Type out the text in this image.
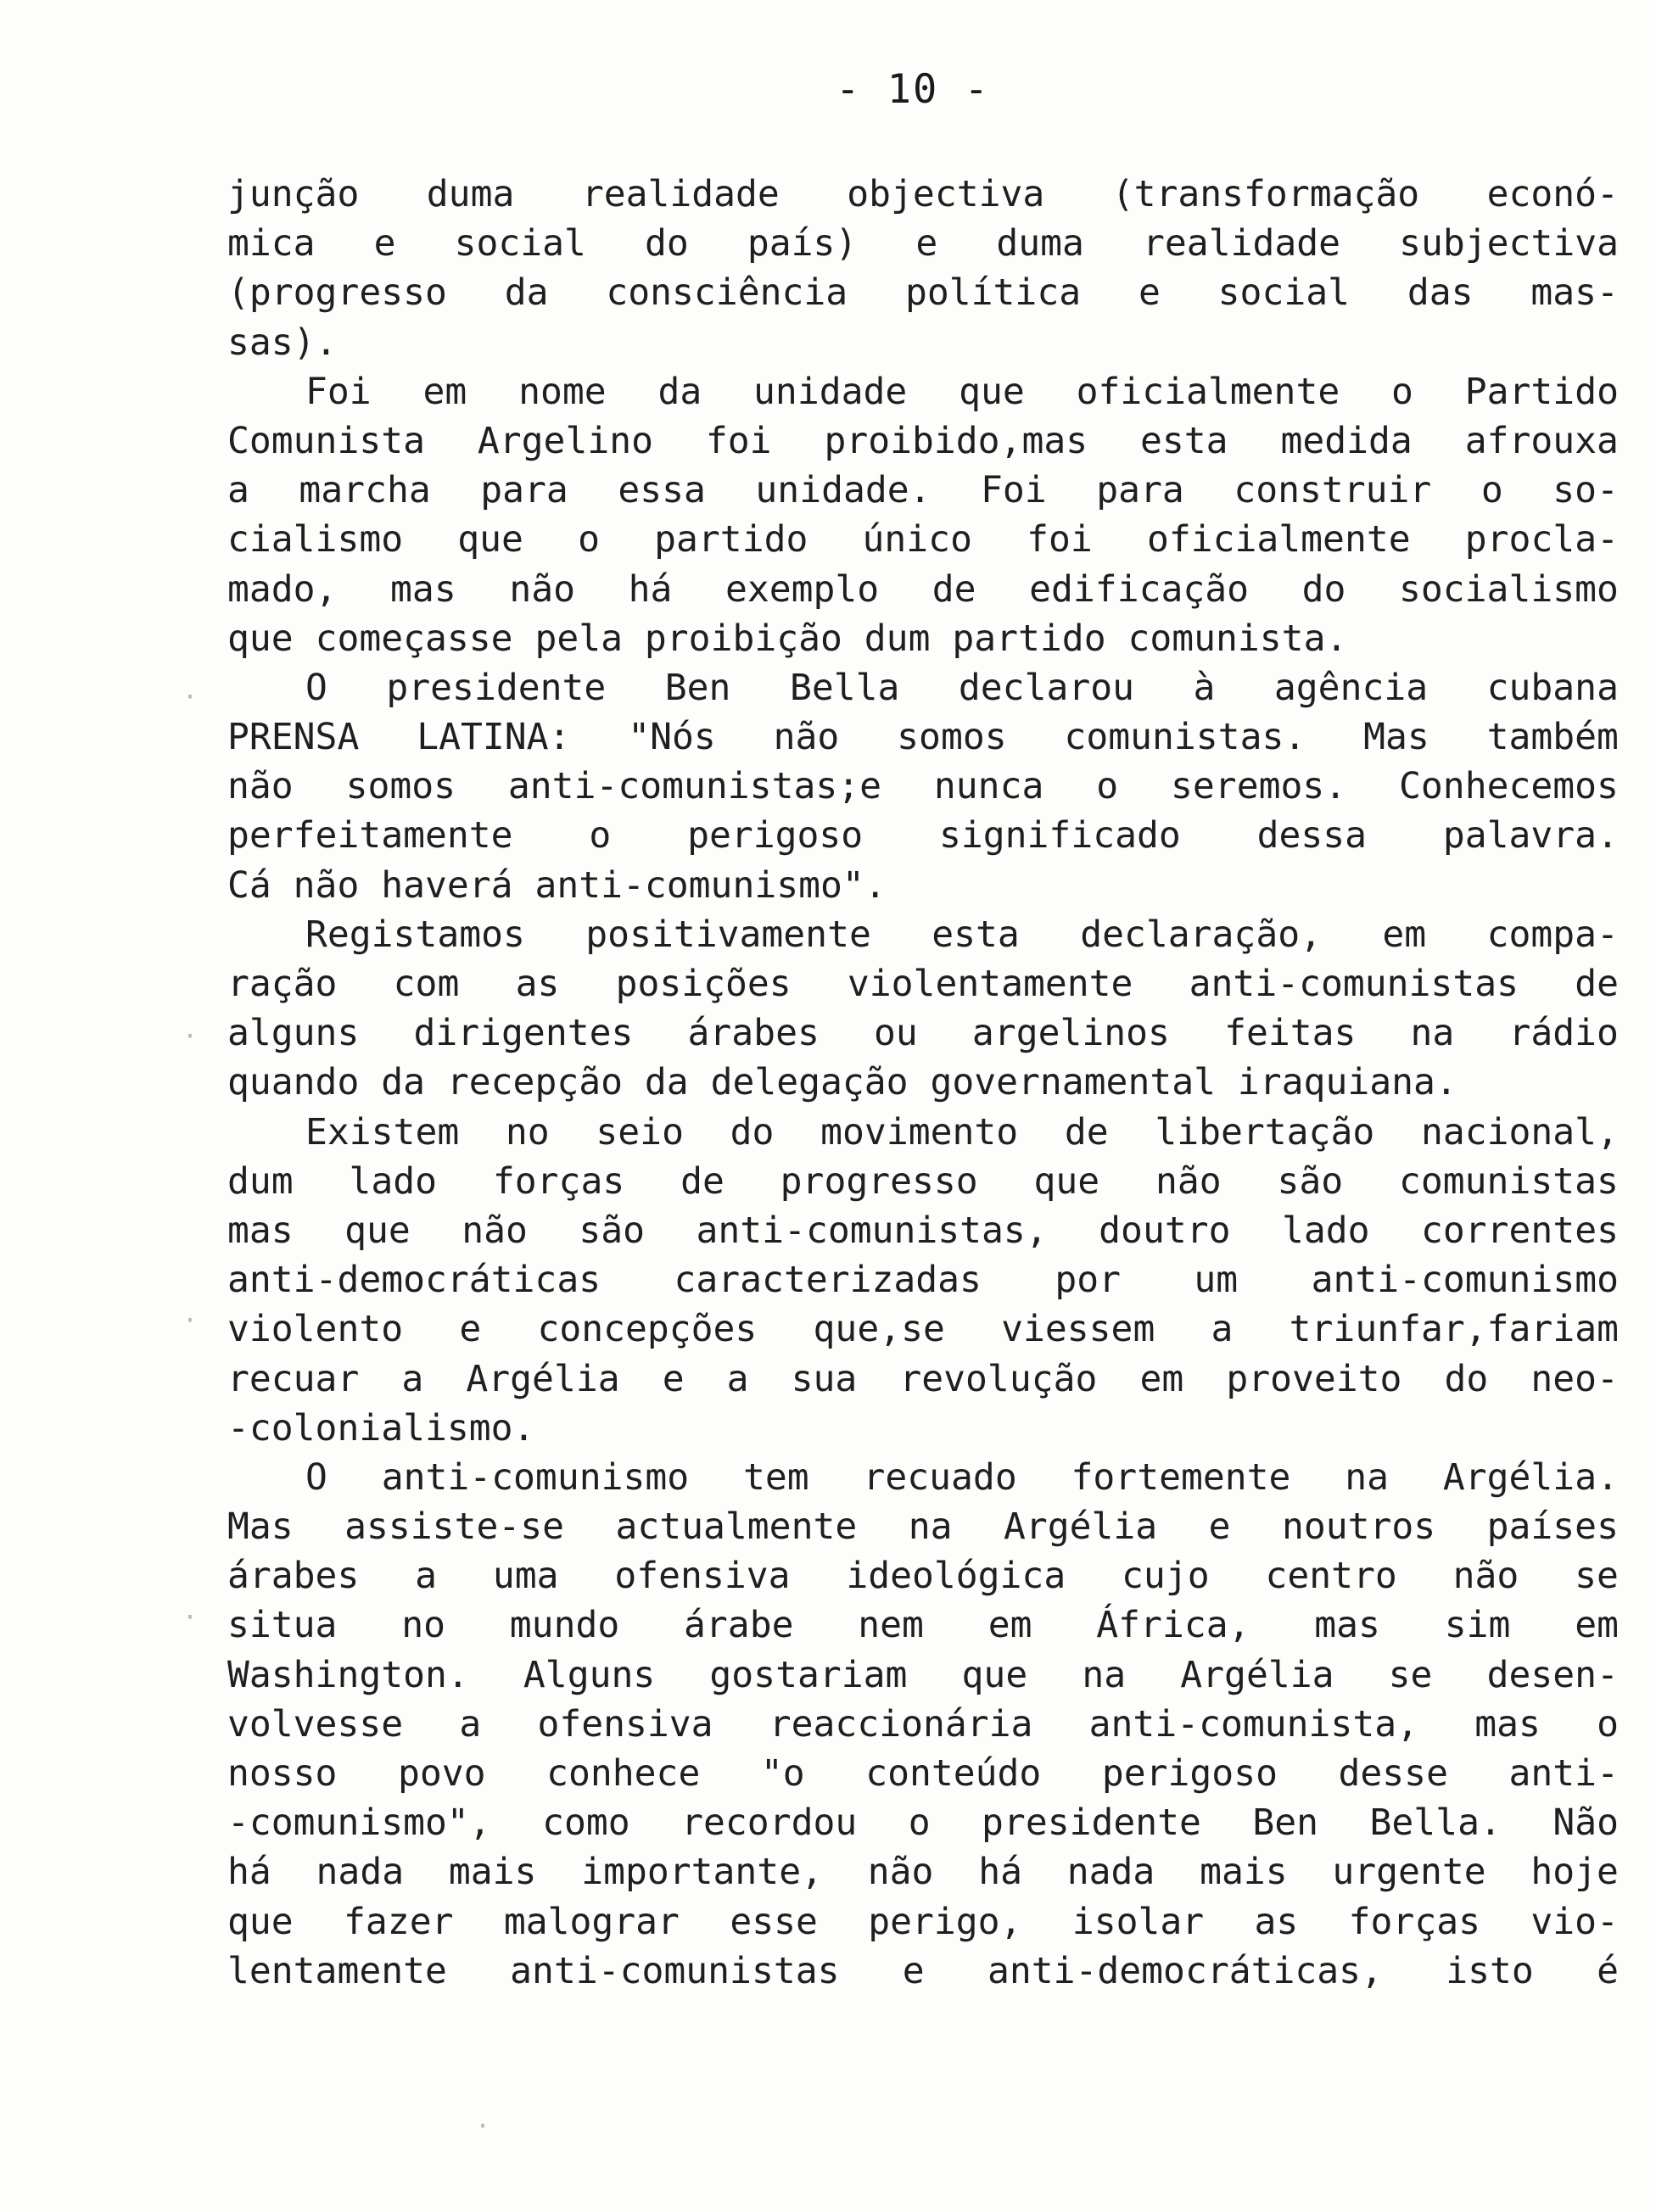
- 10 -
junção duma realidade objectiva (transformação econó-
mica e social do país) e duma realidade subjectiva
(progresso da consciência política e social das mas-
sas).
Foi em nome da unidade que oficialmente o Partido
Comunista Argelino foi proibido,mas esta medida afrouxa
a marcha para essa unidade. Foi para construir o so-
cialismo que o partido único foi oficialmente procla-
mado, mas não há exemplo de edificação do socialismo
que começasse pela proibição dum partido comunista.
O presidente Ben Bella declarou à agência cubana
PRENSA LATINA: "Nós não somos comunistas. Mas também
não somos anti-comunistas;e nunca o seremos. Conhecemos
perfeitamente o perigoso significado dessa palavra.
Cá não haverá anti-comunismo".
Registamos positivamente esta declaração, em compa-
ração com as posições violentamente anti-comunistas de
alguns dirigentes árabes ou argelinos feitas na rádio
quando da recepção da delegação governamental iraquiana.
Existem no seio do movimento de libertação nacional,
dum lado forças de progresso que não são comunistas
mas que não são anti-comunistas, doutro lado correntes
anti-democráticas caracterizadas por um anti-comunismo
violento e concepções que,se viessem a triunfar,fariam
recuar a Argélia e a sua revolução em proveito do neo-
-colonialismo.
O anti-comunismo tem recuado fortemente na Argélia.
Mas assiste-se actualmente na Argélia e noutros países
árabes a uma ofensiva ideológica cujo centro não se
situa no mundo árabe nem em África, mas sim em
Washington. Alguns gostariam que na Argélia se desen-
volvesse a ofensiva reaccionária anti-comunista, mas o
nosso povo conhece "o conteúdo perigoso desse anti-
-comunismo", como recordou o presidente Ben Bella. Não
há nada mais importante, não há nada mais urgente hoje
que fazer malograr esse perigo, isolar as forças vio-
lentamente anti-comunistas e anti-democráticas, isto é
·
·
·
·
·
